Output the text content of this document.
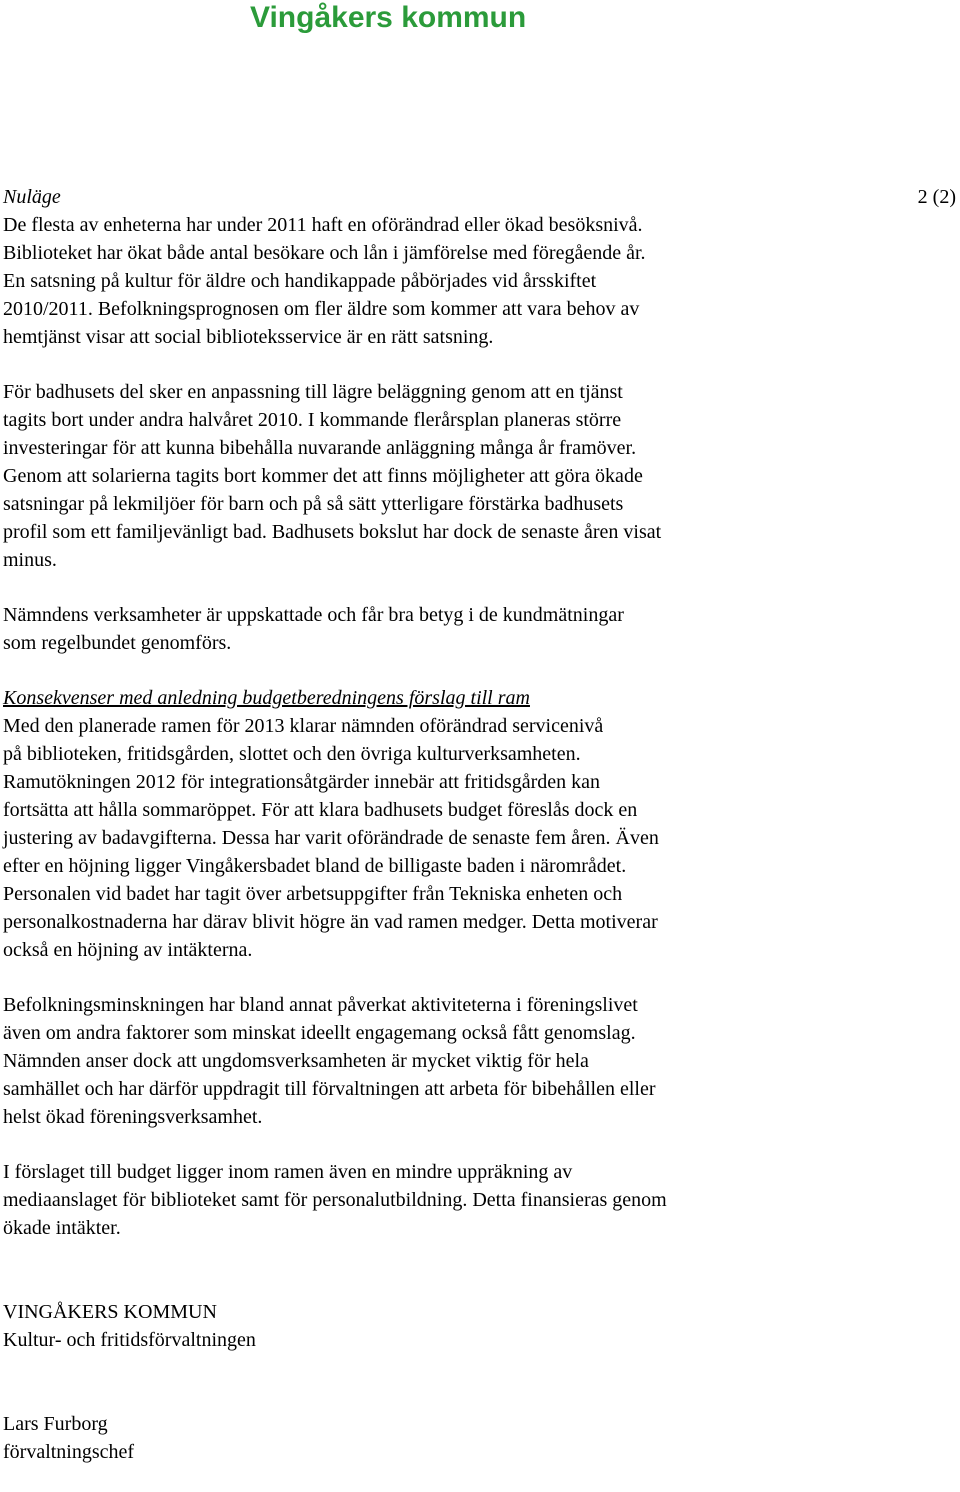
Vingåkers kommun
2 (2)
Nuläge

De flesta av enheterna har under 2011 haft en oförändrad eller ökad besöksnivå.
Biblioteket har ökat både antal besökare och lån i jämförelse med föregående år.
En satsning på kultur för äldre och handikappade påbörjades vid årsskiftet
2010/2011. Befolkningsprognosen om fler äldre som kommer att vara behov av
hemtjänst visar att social biblioteksservice är en rätt satsning.

För badhusets del sker en anpassning till lägre beläggning genom att en tjänst
tagits bort under andra halvåret 2010. I kommande flerårsplan planeras större
investeringar för att kunna bibehålla nuvarande anläggning många år framöver.
Genom att solarierna tagits bort kommer det att finns möjligheter att göra ökade
satsningar på lekmiljöer för barn och på så sätt ytterligare förstärka badhusets
profil som ett familjevänligt bad. Badhusets bokslut har dock de senaste åren visat
minus.

Nämndens verksamheter är uppskattade och får bra betyg i de kundmätningar
som regelbundet genomförs.

Konsekvenser med anledning budgetberedningens förslag till ram

Med den planerade ramen för 2013 klarar nämnden oförändrad servicenivå
på biblioteken, fritidsgården, slottet och den övriga kulturverksamheten.
Ramutökningen 2012 för integrationsåtgärder innebär att fritidsgården kan
fortsätta att hålla sommaröppet. För att klara badhusets budget föreslås dock en
justering av badavgifterna. Dessa har varit oförändrade de senaste fem åren. Även
efter en höjning ligger Vingåkersbadet bland de billigaste baden i närområdet.
Personalen vid badet har tagit över arbetsuppgifter från Tekniska enheten och
personalkostnaderna har därav blivit högre än vad ramen medger. Detta motiverar
också en höjning av intäkterna.

Befolkningsminskningen har bland annat påverkat aktiviteterna i föreningslivet
även om andra faktorer som minskat ideellt engagemang också fått genomslag.
Nämnden anser dock att ungdomsverksamheten är mycket viktig för hela
samhället och har därför uppdragit till förvaltningen att arbeta för bibehållen eller
helst ökad föreningsverksamhet.

I förslaget till budget ligger inom ramen även en mindre uppräkning av
mediaanslaget för biblioteket samt för personalutbildning. Detta finansieras genom
ökade intäkter.

VINGÅKERS KOMMUN
Kultur- och fritidsförvaltningen
Lars Furborg
förvaltningschef
